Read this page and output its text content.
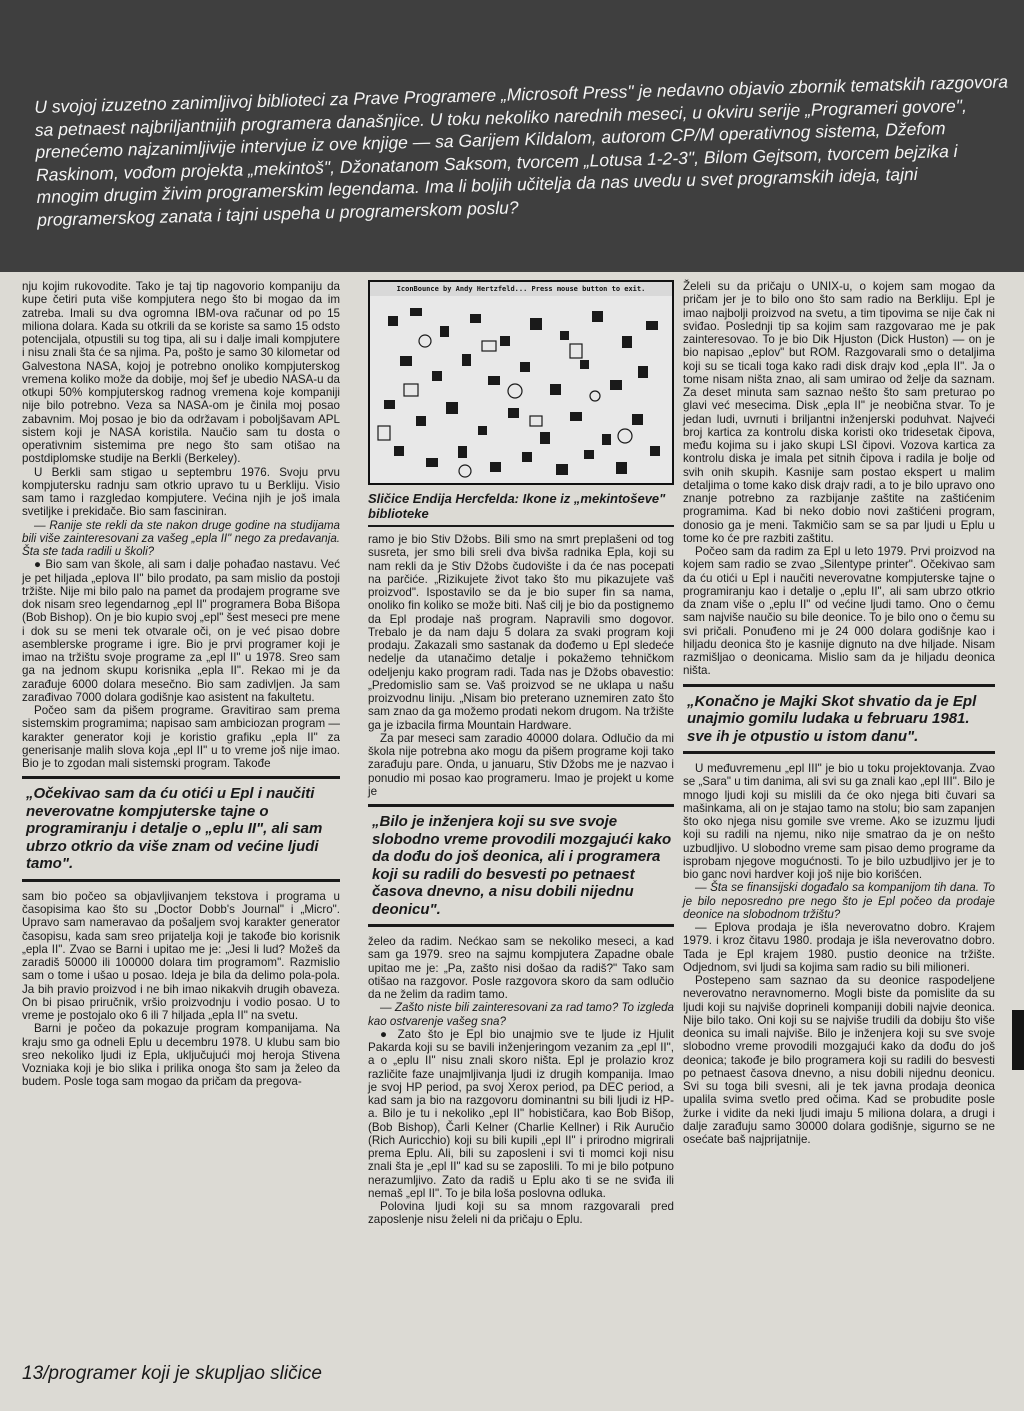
U svojoj izuzetno zanimljivoj biblioteci za Prave Programere „Microsoft Press" je nedavno objavio zbornik tematskih razgovora sa petnaest najbriljantnijih programera današnjice. U toku nekoliko narednih meseci, u okviru serije „Programeri govore", prenećemo najzanimljivije intervjue iz ove knjige — sa Garijem Kildalom, autorom CP/M operativnog sistema, Džefom Raskinom, vođom projekta „mekintoš", Džonatanom Saksom, tvorcem „Lotusa 1-2-3", Bilom Gejtsom, tvorcem bejzika i mnogim drugim živim programerskim legendama. Ima li boljih učitelja da nas uvedu u svet programskih ideja, tajni programerskog zanata i tajni uspeha u programerskom poslu?

nju kojim rukovodite. Tako je taj tip nagovorio kompaniju da kupe četiri puta više kompjutera nego što bi mogao da im zatreba. Imali su dva ogromna IBM-ova računar od po 15 miliona dolara. Kada su otkrili da se koriste sa samo 15 odsto potencijala, otpustili su tog tipa, ali su i dalje imali kompjutere i nisu znali šta će sa njima. Pa, pošto je samo 30 kilometar od Galvestona NASA, kojoj je potrebno onoliko kompjuterskog vremena koliko može da dobije, moj šef je ubedio NASA-u da otkupi 50% kompjuterskog radnog vremena koje kompaniji nije bilo potrebno. Veza sa NASA-om je činila moj posao zabavnim. Moj posao je bio da održavam i poboljšavam APL sistem koji je NASA koristila. Naučio sam tu dosta o operativnim sistemima pre nego što sam otišao na postdiplomske studije na Berkli (Berkeley).

U Berkli sam stigao u septembru 1976. Svoju prvu kompjutersku radnju sam otkrio upravo tu u Berkliju. Visio sam tamo i razgledao kompjutere. Većina njih je još imala svetiljke i prekidače. Bio sam fasciniran.

— Ranije ste rekli da ste nakon druge godine na studijama bili više zainteresovani za vašeg „epla II" nego za predavanja. Šta ste tada radili u školi?

● Bio sam van škole, ali sam i dalje pohađao nastavu. Već je pet hiljada „eplova II" bilo prodato, pa sam mislio da postoji tržište. Nije mi bilo palo na pamet da prodajem programe sve dok nisam sreo legendarnog „epl II" programera Boba Bišopa (Bob Bishop). On je bio kupio svoj „epl" šest meseci pre mene i dok su se meni tek otvarale oči, on je već pisao dobre asemblerske programe i igre. Bio je prvi programer koji je imao na tržištu svoje programe za „epl II" u 1978. Sreo sam ga na jednom skupu korisnika „epla II". Rekao mi je da zarađuje 6000 dolara mesečno. Bio sam zadivljen. Ja sam zarađivao 7000 dolara godišnje kao asistent na fakultetu.

Počeo sam da pišem programe. Gravitirao sam prema sistemskim programima; napisao sam ambiciozan program — karakter generator koji je koristio grafiku „epla II" za generisanje malih slova koja „epl II" u to vreme još nije imao. Bio je to zgodan mali sistemski program. Takođe

„Očekivao sam da ću otići u Epl i naučiti neverovatne kompjuterske tajne o programiranju i detalje o „eplu II", ali sam ubrzo otkrio da više znam od većine ljudi tamo".

sam bio počeo sa objavljivanjem tekstova i programa u časopisima kao što su „Doctor Dobb's Journal" i „Micro". Upravo sam nameravao da pošaljem svoj karakter generator časopisu, kada sam sreo prijatelja koji je takođe bio korisnik „epla II". Zvao se Barni i upitao me je: „Jesi li lud? Možeš da zaradiš 50000 ili 100000 dolara tim programom". Razmislio sam o tome i ušao u posao. Ideja je bila da delimo pola-pola. Ja bih pravio proizvod i ne bih imao nikakvih drugih obaveza. On bi pisao priručnik, vršio proizvodnju i vodio posao. U to vreme je postojalo oko 6 ili 7 hiljada „epla II" na svetu.

Barni je počeo da pokazuje program kompanijama. Na kraju smo ga odneli Eplu u decembru 1978. U klubu sam bio sreo nekoliko ljudi iz Epla, uključujući moj heroja Stivena Vozniaka koji je bio slika i prilika onoga što sam ja želeo da budem. Posle toga sam mogao da pričam da pregova-

IconBounce by Andy Hertzfeld... Press mouse button to exit.
Sličice Endija Hercfelda: Ikone iz „mekintoševe" biblioteke

ramo je bio Stiv Džobs. Bili smo na smrt preplašeni od tog susreta, jer smo bili sreli dva bivša radnika Epla, koji su nam rekli da je Stiv Džobs čudovište i da će nas pocepati na parčiće. „Rizikujete život tako što mu pikazujete vaš proizvod". Ispostavilo se da je bio super fin sa nama, onoliko fin koliko se može biti. Naš cilj je bio da postignemo da Epl prodaje naš program. Napravili smo dogovor. Trebalo je da nam daju 5 dolara za svaki program koji prodaju. Zakazali smo sastanak da dođemo u Epl sledeće nedelje da utanačimo detalje i pokažemo tehničkom odeljenju kako program radi. Tada nas je Džobs obavestio: „Predomislio sam se. Vaš proizvod se ne uklapa u našu proizvodnu liniju. „Nisam bio preterano uznemiren zato što sam znao da ga možemo prodati nekom drugom. Na tržište ga je izbacila firma Mountain Hardware.

Za par meseci sam zaradio 40000 dolara. Odlučio da mi škola nije potrebna ako mogu da pišem programe koji tako zarađuju pare. Onda, u januaru, Stiv Džobs me je nazvao i ponudio mi posao kao programeru. Imao je projekt u kome je

„Bilo je inženjera koji su sve svoje slobodno vreme provodili mozgajući kako da dođu do još deonica, ali i programera koji su radili do besvesti po petnaest časova dnevno, a nisu dobili nijednu deonicu".

želeo da radim. Nećkao sam se nekoliko meseci, a kad sam ga 1979. sreo na sajmu kompjutera Zapadne obale upitao me je: „Pa, zašto nisi došao da radiš?" Tako sam otišao na razgovor. Posle razgovora skoro da sam odlučio da ne želim da radim tamo.

— Zašto niste bili zainteresovani za rad tamo? To izgleda kao ostvarenje vašeg sna?

● Zato što je Epl bio unajmio sve te ljude iz Hjulit Pakarda koji su se bavili inženjeringom vezanim za „epl II", a o „eplu II" nisu znali skoro ništa. Epl je prolazio kroz različite faze unajmljivanja ljudi iz drugih kompanija. Imao je svoj HP period, pa svoj Xerox period, pa DEC period, a kad sam ja bio na razgovoru dominantni su bili ljudi iz HP-a. Bilo je tu i nekoliko „epl II" hobističara, kao Bob Bišop, (Bob Bishop), Čarli Kelner (Charlie Kellner) i Rik Auručio (Rich Auricchio) koji su bili kupili „epl II" i prirodno migrirali prema Eplu. Ali, bili su zaposleni i svi ti momci koji nisu znali šta je „epl II" kad su se zaposlili. To mi je bilo potpuno nerazumljivo. Zato da radiš u Eplu ako ti se ne sviđa ili nemaš „epl II". To je bila loša poslovna odluka.

Polovina ljudi koji su sa mnom razgovarali pred zaposlenje nisu želeli ni da pričaju o Eplu.

Želeli su da pričaju o UNIX-u, o kojem sam mogao da pričam jer je to bilo ono što sam radio na Berkliju. Epl je imao najbolji proizvod na svetu, a tim tipovima se nije čak ni sviđao. Poslednji tip sa kojim sam razgovarao me je pak zainteresovao. To je bio Dik Hjuston (Dick Huston) — on je bio napisao „eplov" but ROM. Razgovarali smo o detaljima koji su se ticali toga kako radi disk drajv kod „epla II". Ja o tome nisam ništa znao, ali sam umirao od želje da saznam. Za deset minuta sam saznao nešto što sam preturao po glavi već mesecima. Disk „epla II" je neobična stvar. To je jedan ludi, uvrnuti i briljantni inženjerski poduhvat. Najveći broj kartica za kontrolu diska koristi oko tridesetak čipova, među kojima su i jako skupi LSI čipovi. Vozova kartica za kontrolu diska je imala pet sitnih čipova i radila je bolje od svih onih skupih. Kasnije sam postao ekspert u malim detaljima o tome kako disk drajv radi, a to je bilo upravo ono znanje potrebno za razbijanje zaštite na zaštićenim programima. Kad bi neko dobio novi zaštićeni program, donosio ga je meni. Takmičio sam se sa par ljudi u Eplu u tome ko će pre razbiti zaštitu.

Počeo sam da radim za Epl u leto 1979. Prvi proizvod na kojem sam radio se zvao „Silentype printer". Očekivao sam da ću otići u Epl i naučiti neverovatne kompjuterske tajne o programiranju kao i detalje o „eplu II", ali sam ubrzo otkrio da znam više o „eplu II" od većine ljudi tamo. Ono o čemu sam najviše naučio su bile deonice. To je bilo ono o čemu su svi pričali. Ponuđeno mi je 24 000 dolara godišnje kao i hiljadu deonica što je kasnije dignuto na dve hiljade. Nisam razmišljao o deonicama. Mislio sam da je hiljadu deonica ništa.

„Konačno je Majki Skot shvatio da je Epl unajmio gomilu ludaka u februaru 1981. sve ih je otpustio u istom danu".

U međuvremenu „epl III" je bio u toku projektovanja. Zvao se „Sara" u tim danima, ali svi su ga znali kao „epl III". Bilo je mnogo ljudi koji su mislili da će oko njega biti čuvari sa mašinkama, ali on je stajao tamo na stolu; bio sam zapanjen što oko njega nisu gomile sve vreme. Ako se izuzmu ljudi koji su radili na njemu, niko nije smatrao da je on nešto uzbudljivo. U slobodno vreme sam pisao demo programe da isprobam njegove mogućnosti. To je bilo uzbudljivo jer je to bio ganc novi hardver koji još nije bio korišćen.

— Šta se finansijski događalo sa kompanijom tih dana. To je bilo neposredno pre nego što je Epl počeo da prodaje deonice na slobodnom tržištu?

— Eplova prodaja je išla neverovatno dobro. Krajem 1979. i kroz čitavu 1980. prodaja je išla neverovatno dobro. Tada je Epl krajem 1980. pustio deonice na tržište. Odjednom, svi ljudi sa kojima sam radio su bili milioneri.

Postepeno sam saznao da su deonice raspodeljene neverovatno neravnomerno. Mogli biste da pomislite da su ljudi koji su najviše doprineli kompaniji dobili najvie deonica. Nije bilo tako. Oni koji su se najviše trudili da dobiju što više deonica su imali najviše. Bilo je inženjera koji su sve svoje slobodno vreme provodili mozgajući kako da dođu do još deonica; takođe je bilo programera koji su radili do besvesti po petnaest časova dnevno, a nisu dobili nijednu deonicu. Svi su toga bili svesni, ali je tek javna prodaja deonica upalila svima svetlo pred očima. Kad se probudite posle žurke i vidite da neki ljudi imaju 5 miliona dolara, a drugi i dalje zarađuju samo 30000 dolara godišnje, sigurno se ne osećate baš najprijatnije.

13/programer koji je skupljao sličice
